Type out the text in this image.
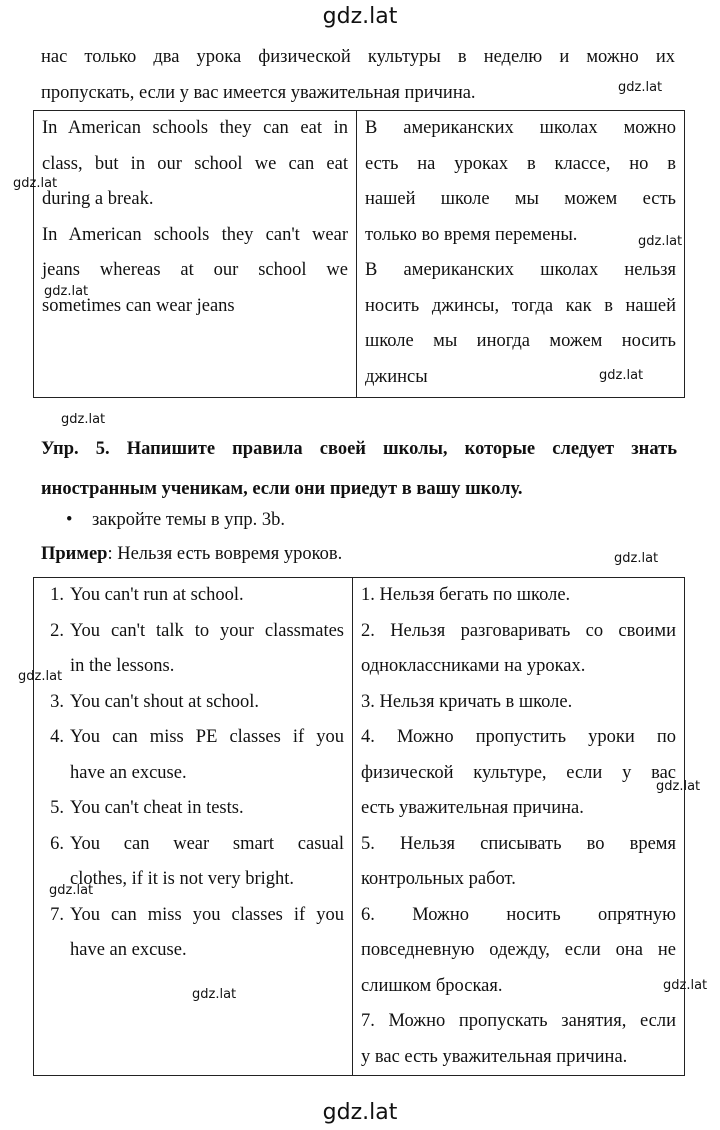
gdz.lat
нас только два урока физической культуры в неделю и можно их
пропускать, если у вас имеется уважительная причина.	gdz.lat
In American schools they can eat in
class, but in our school we can eat
during a break.
In American schools they can't wear
jeans whereas at our school we
sometimes can wear jeans

В американских школах можно
есть на уроках в классе, но в
нашей школе мы можем есть
только во время перемены.
В американских школах нельзя
носить джинсы, тогда как в нашей
школе мы иногда можем носить
джинсы
gdz.lat
gdz.lat
gdz.lat
gdz.lat
gdz.lat
Упр. 5. Напишите правила своей школы, которые следует знать
иностранным ученикам, если они приедут в вашу школу.
• закройте темы в упр. 3b.
Пример: Нельзя есть вовремя уроков.	gdz.lat
1. You can't run at school.
2. You can't talk to your classmates
in the lessons.
3. You can't shout at school.
4. You can miss PE classes if you
have an excuse.
5. You can't cheat in tests.
6. You can wear smart casual
clothes, if it is not very bright.
7. You can miss you classes if you
have an excuse.

1. Нельзя бегать по школе.
2. Нельзя разговаривать со своими
одноклассниками на уроках.
3. Нельзя кричать в школе.
4. Можно пропустить уроки по
физической культуре, если у вас
есть уважительная причина.
5. Нельзя списывать во время
контрольных работ.
6. Можно носить опрятную
повседневную одежду, если она не
слишком броская.
7. Можно пропускать занятия, если
у вас есть уважительная причина.
gdz.lat
gdz.lat
gdz.lat
gdz.lat
gdz.lat
gdz.lat
